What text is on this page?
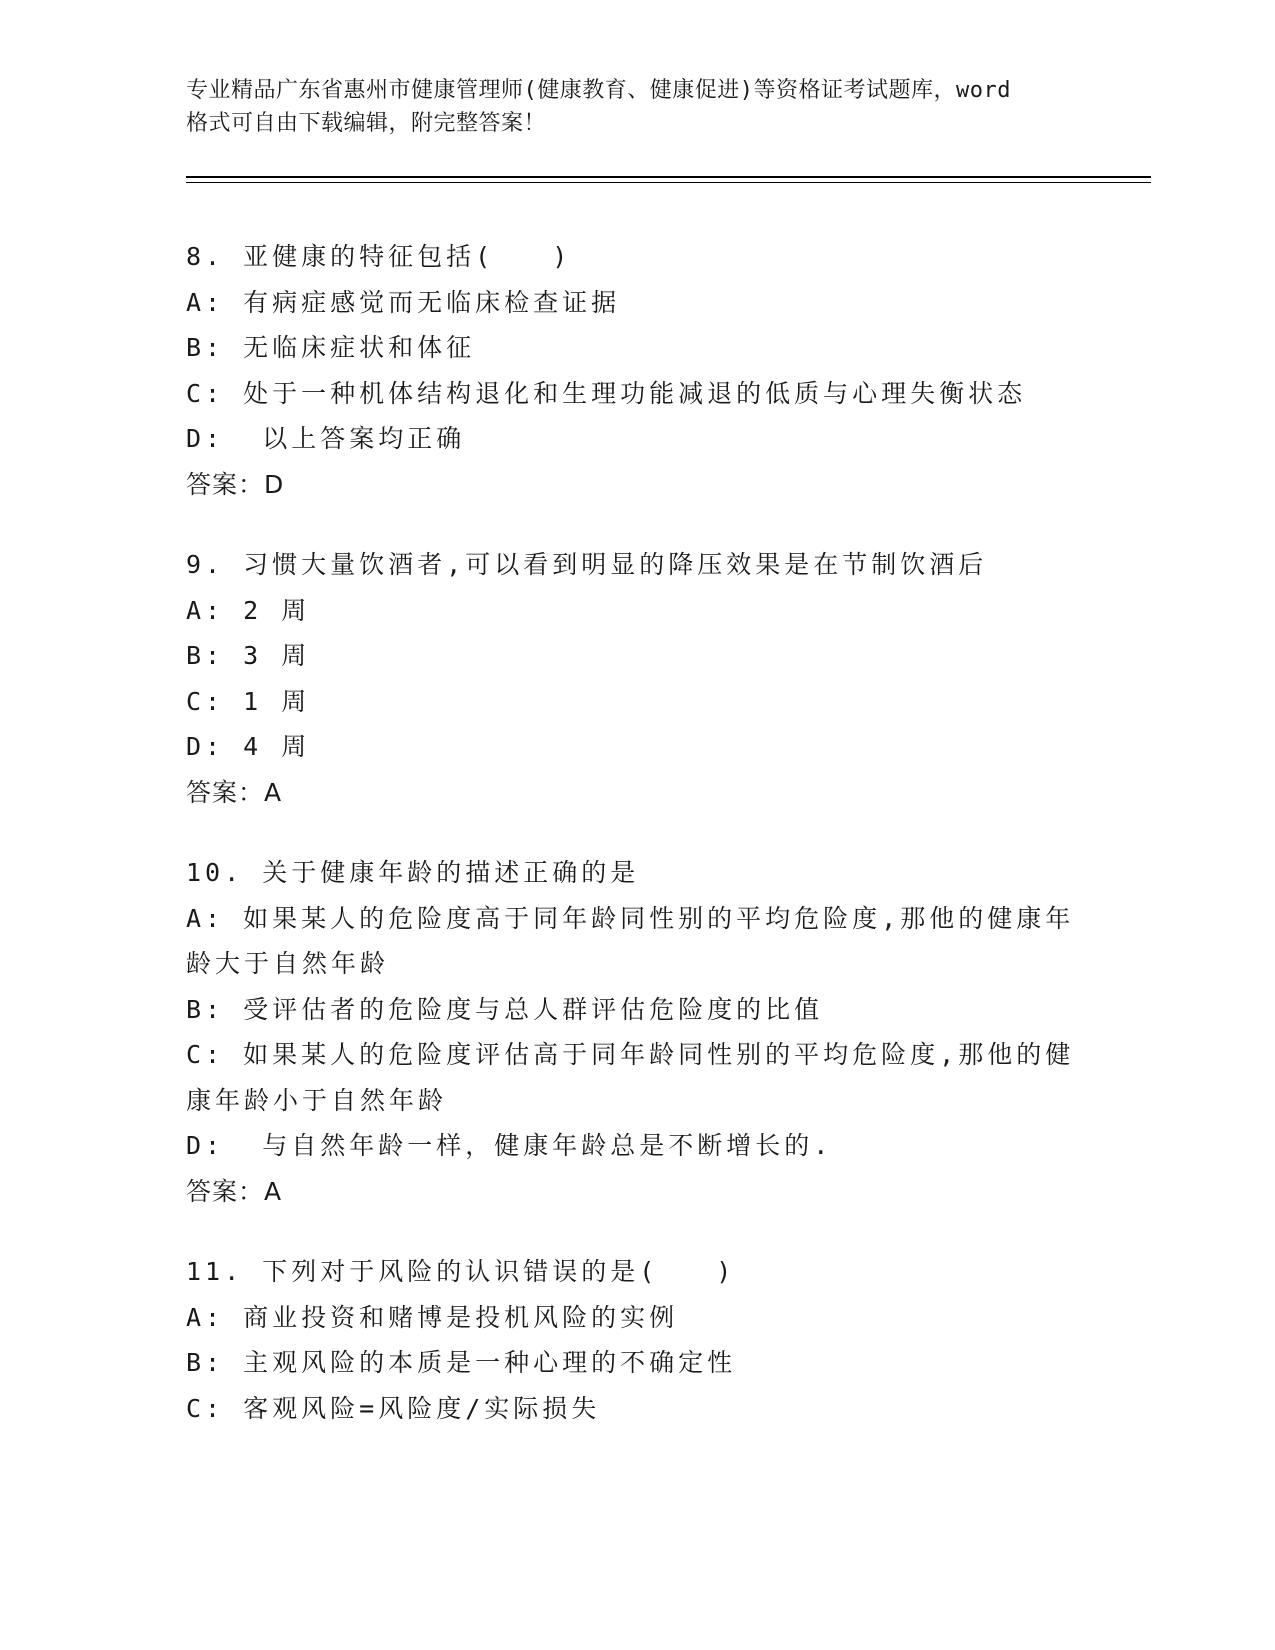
专业精品广东省惠州市健康管理师(健康教育、健康促进)等资格证考试题库，word
格式可自由下载编辑，附完整答案！

8. 亚健康的特征包括(　　)

A: 有病症感觉而无临床检查证据

B: 无临床症状和体征

C: 处于一种机体结构退化和生理功能减退的低质与心理失衡状态

D:  以上答案均正确

答案：D

9. 习惯大量饮酒者,可以看到明显的降压效果是在节制饮酒后

A: 2 周

B: 3 周

C: 1 周

D: 4 周

答案：A

10. 关于健康年龄的描述正确的是

A: 如果某人的危险度高于同年龄同性别的平均危险度,那他的健康年

龄大于自然年龄

B: 受评估者的危险度与总人群评估危险度的比值

C: 如果某人的危险度评估高于同年龄同性别的平均危险度,那他的健

康年龄小于自然年龄

D:  与自然年龄一样，健康年龄总是不断增长的.

答案：A

11. 下列对于风险的认识错误的是(　　)

A: 商业投资和赌博是投机风险的实例

B: 主观风险的本质是一种心理的不确定性

C: 客观风险=风险度/实际损失
